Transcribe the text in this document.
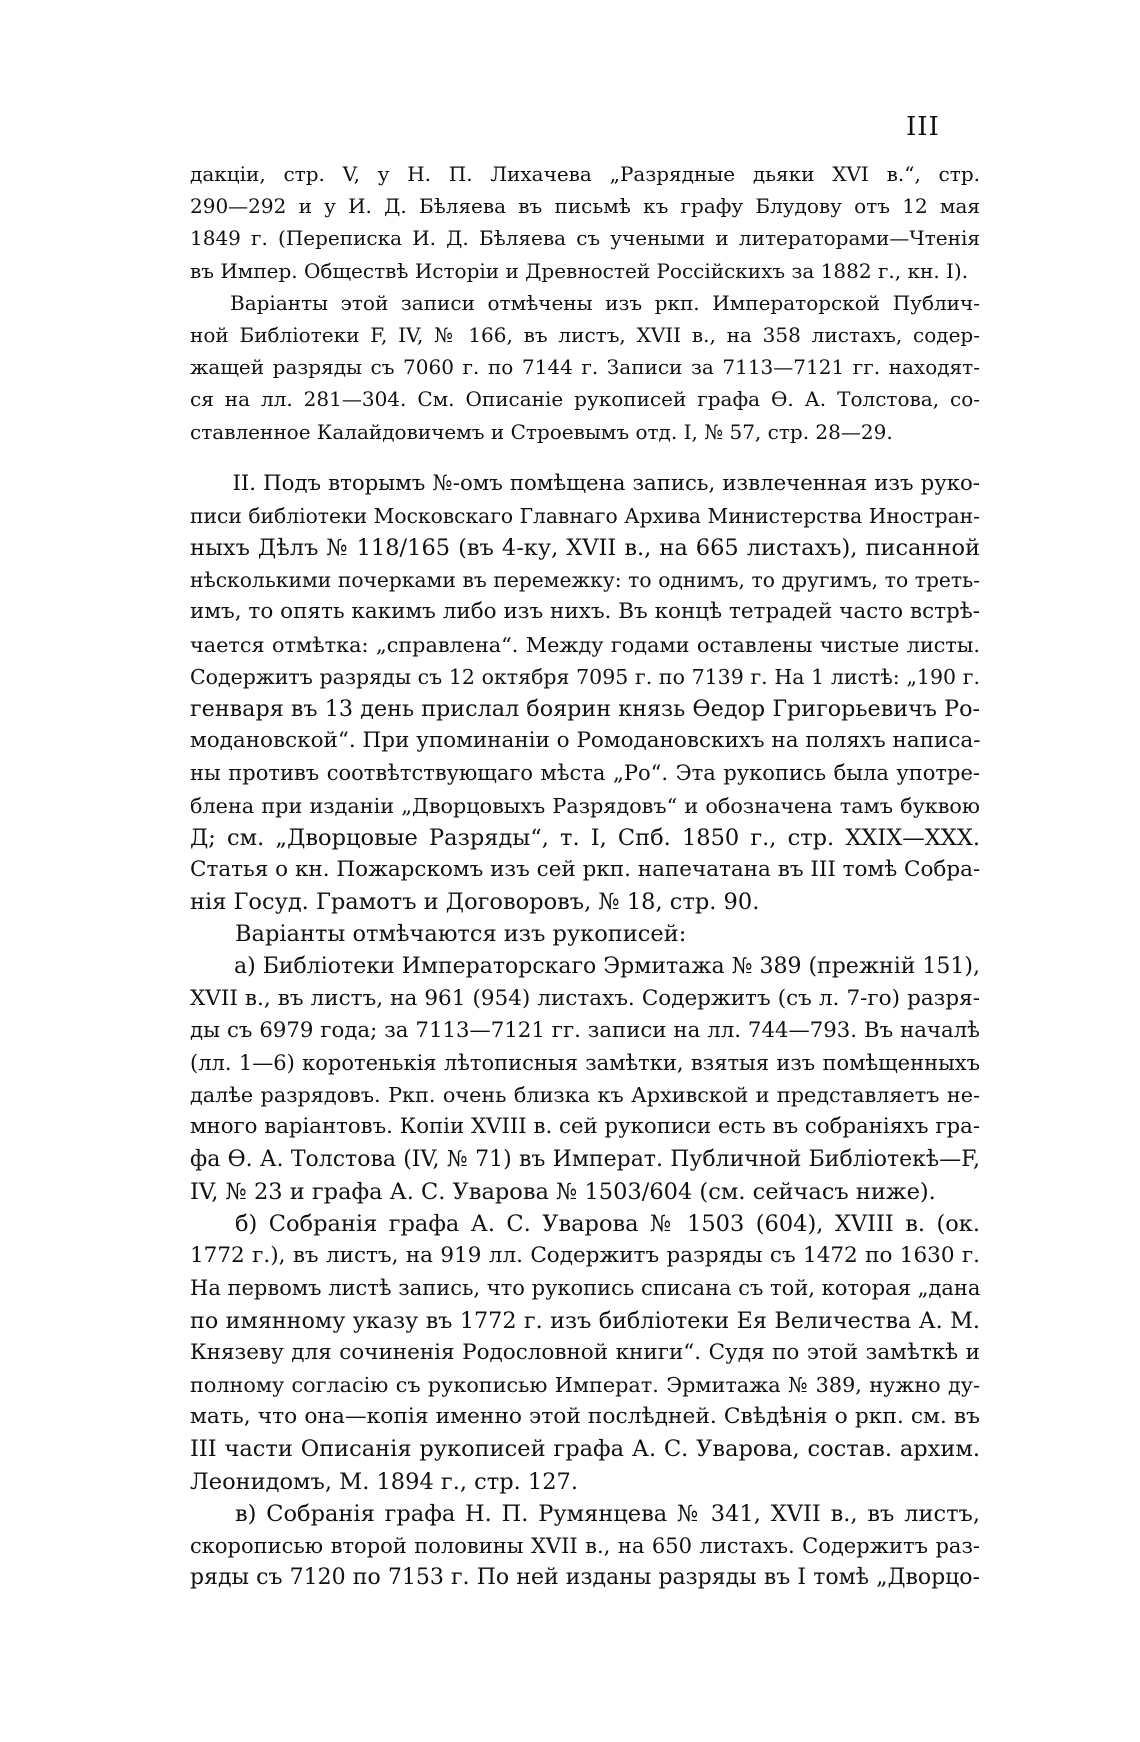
III
дакціи, стр. V, у Н. П. Лихачева „Разрядные дьяки XVI в.“, стр.
290—292 и у И. Д. Бѣляева въ письмѣ къ графу Блудову отъ 12 мая
1849 г. (Переписка И. Д. Бѣляева съ учеными и литераторами—Чтенія
въ Импер. Обществѣ Исторіи и Древностей Россійскихъ за 1882 г., кн. I).
Варіанты этой записи отмѣчены изъ ркп. Императорской Публич-
ной Библіотеки F, IV, № 166, въ листъ, XVII в., на 358 листахъ, содер-
жащей разряды съ 7060 г. по 7144 г. Записи за 7113—7121 гг. находят-
ся на лл. 281—304. См. Описаніе рукописей графа Ѳ. А. Толстова, со-
ставленное Калайдовичемъ и Строевымъ отд. I, № 57, стр. 28—29.
II. Подъ вторымъ №-омъ помѣщена запись, извлеченная изъ руко-
писи библіотеки Московскаго Главнаго Архива Министерства Иностран-
ныхъ Дѣлъ № 118/165 (въ 4-ку, XVII в., на 665 листахъ), писанной
нѣсколькими почерками въ перемежку: то однимъ, то другимъ, то треть-
имъ, то опять какимъ либо изъ нихъ. Въ концѣ тетрадей часто встрѣ-
чается отмѣтка: „справлена“. Между годами оставлены чистые листы.
Содержитъ разряды съ 12 октября 7095 г. по 7139 г. На 1 листѣ: „190 г.
генваря въ 13 день прислал боярин князь Ѳедор Григорьевичъ Ро-
модановской“. При упоминаніи о Ромодановскихъ на поляхъ написа-
ны противъ соотвѣтствующаго мѣста „Ро“. Эта рукопись была употре-
блена при изданіи „Дворцовыхъ Разрядовъ“ и обозначена тамъ буквою
Д; см. „Дворцовые Разряды“, т. I, Спб. 1850 г., стр. XXIX—XXX.
Статья о кн. Пожарскомъ изъ сей ркп. напечатана въ III томѣ Собра-
нія Госуд. Грамотъ и Договоровъ, № 18, стр. 90.
Варіанты отмѣчаются изъ рукописей:
а) Библіотеки Императорскаго Эрмитажа № 389 (прежній 151),
XVII в., въ листъ, на 961 (954) листахъ. Содержитъ (съ л. 7-го) разря-
ды съ 6979 года; за 7113—7121 гг. записи на лл. 744—793. Въ началѣ
(лл. 1—6) коротенькія лѣтописныя замѣтки, взятыя изъ помѣщенныхъ
далѣе разрядовъ. Ркп. очень близка къ Архивской и представляетъ не-
много варіантовъ. Копіи XVIII в. сей рукописи есть въ собраніяхъ гра-
фа Ѳ. А. Толстова (IV, № 71) въ Императ. Публичной Библіотекѣ—F,
IV, № 23 и графа А. С. Уварова № 1503/604 (см. сейчасъ ниже).
б) Собранія графа А. С. Уварова № 1503 (604), XVIII в. (ок.
1772 г.), въ листъ, на 919 лл. Содержитъ разряды съ 1472 по 1630 г.
На первомъ листѣ запись, что рукопись списана съ той, которая „дана
по имянному указу въ 1772 г. изъ библіотеки Ея Величества А. М.
Князеву для сочиненія Родословной книги“. Судя по этой замѣткѣ и
полному согласію съ рукописью Императ. Эрмитажа № 389, нужно ду-
мать, что она—копія именно этой послѣдней. Свѣдѣнія о ркп. см. въ
III части Описанія рукописей графа А. С. Уварова, состав. архим.
Леонидомъ, М. 1894 г., стр. 127.
в) Собранія графа Н. П. Румянцева № 341, XVII в., въ листъ,
скорописью второй половины XVII в., на 650 листахъ. Содержитъ раз-
ряды съ 7120 по 7153 г. По ней изданы разряды въ I томѣ „Дворцо-
